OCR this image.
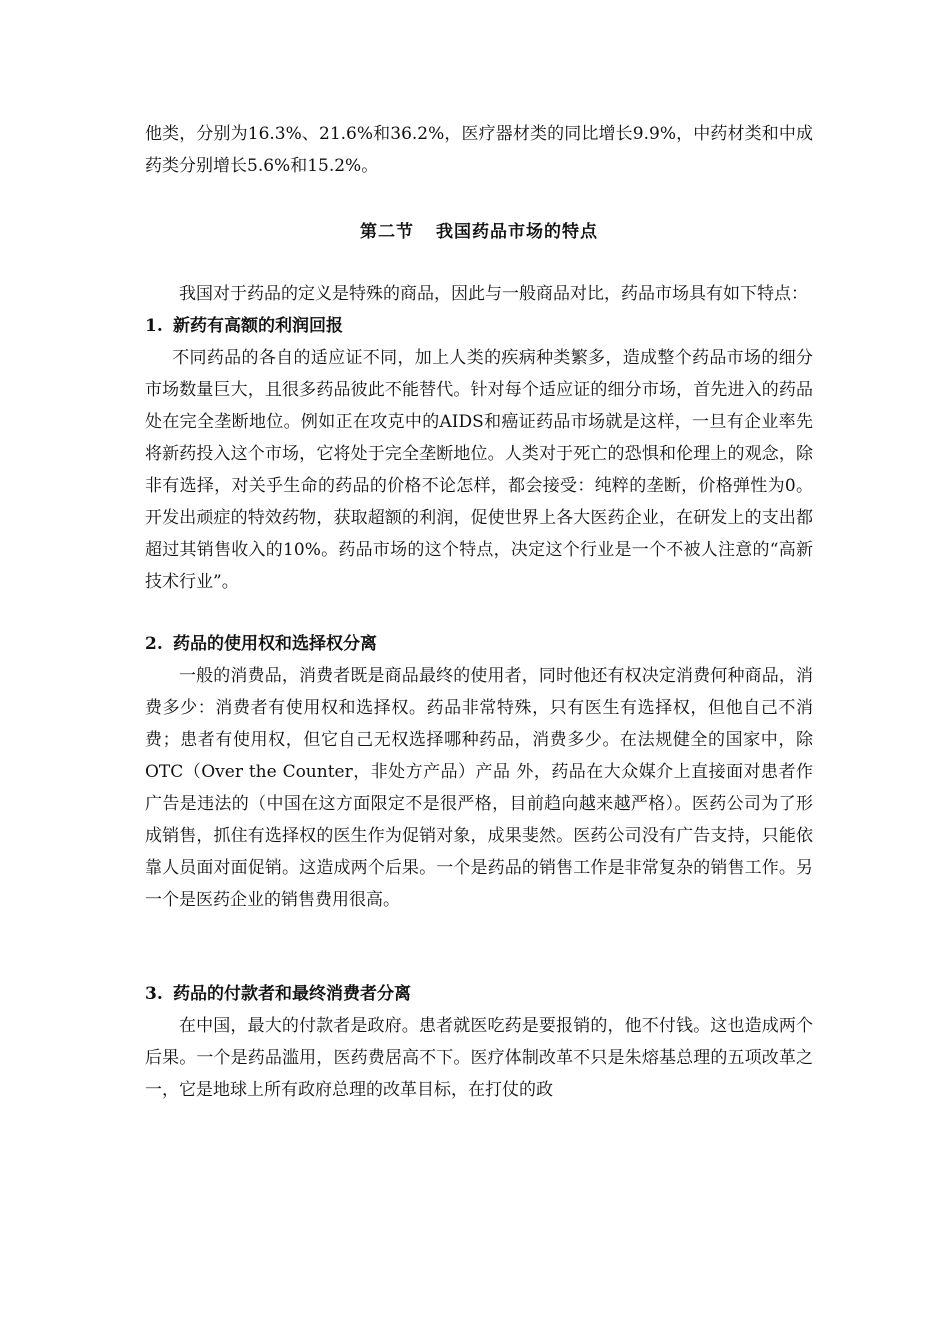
他类，分别为16.3%、21.6%和36.2%，医疗器材类的同比增长9.9%，中药材类和中成药类分别增长5.6%和15.2%。

第二节 我国药品市场的特点

我国对于药品的定义是特殊的商品，因此与一般商品对比，药品市场具有如下特点：

1. 新药有高额的利润回报

不同药品的各自的适应证不同，加上人类的疾病种类繁多，造成整个药品市场的细分市场数量巨大，且很多药品彼此不能替代。针对每个适应证的细分市场，首先进入的药品处在完全垄断地位。例如正在攻克中的AIDS和癌证药品市场就是这样，一旦有企业率先将新药投入这个市场，它将处于完全垄断地位。人类对于死亡的恐惧和伦理上的观念，除非有选择，对关乎生命的药品的价格不论怎样，都会接受：纯粹的垄断，价格弹性为0。开发出顽症的特效药物，获取超额的利润，促使世界上各大医药企业，在研发上的支出都超过其销售收入的10%。药品市场的这个特点，决定这个行业是一个不被人注意的“高新技术行业”。

2. 药品的使用权和选择权分离

一般的消费品，消费者既是商品最终的使用者，同时他还有权决定消费何种商品，消费多少：消费者有使用权和选择权。药品非常特殊，只有医生有选择权，但他自己不消费；患者有使用权，但它自己无权选择哪种药品，消费多少。在法规健全的国家中，除OTC（Over the Counter，非处方产品）产品 外，药品在大众媒介上直接面对患者作广告是违法的（中国在这方面限定不是很严格，目前趋向越来越严格）。医药公司为了形成销售，抓住有选择权的医生作为促销对象，成果斐然。医药公司没有广告支持，只能依靠人员面对面促销。这造成两个后果。一个是药品的销售工作是非常复杂的销售工作。另一个是医药企业的销售费用很高。

3. 药品的付款者和最终消费者分离

在中国，最大的付款者是政府。患者就医吃药是要报销的，他不付钱。这也造成两个后果。一个是药品滥用，医药费居高不下。医疗体制改革不只是朱熔基总理的五项改革之一，它是地球上所有政府总理的改革目标，在打仗的政
